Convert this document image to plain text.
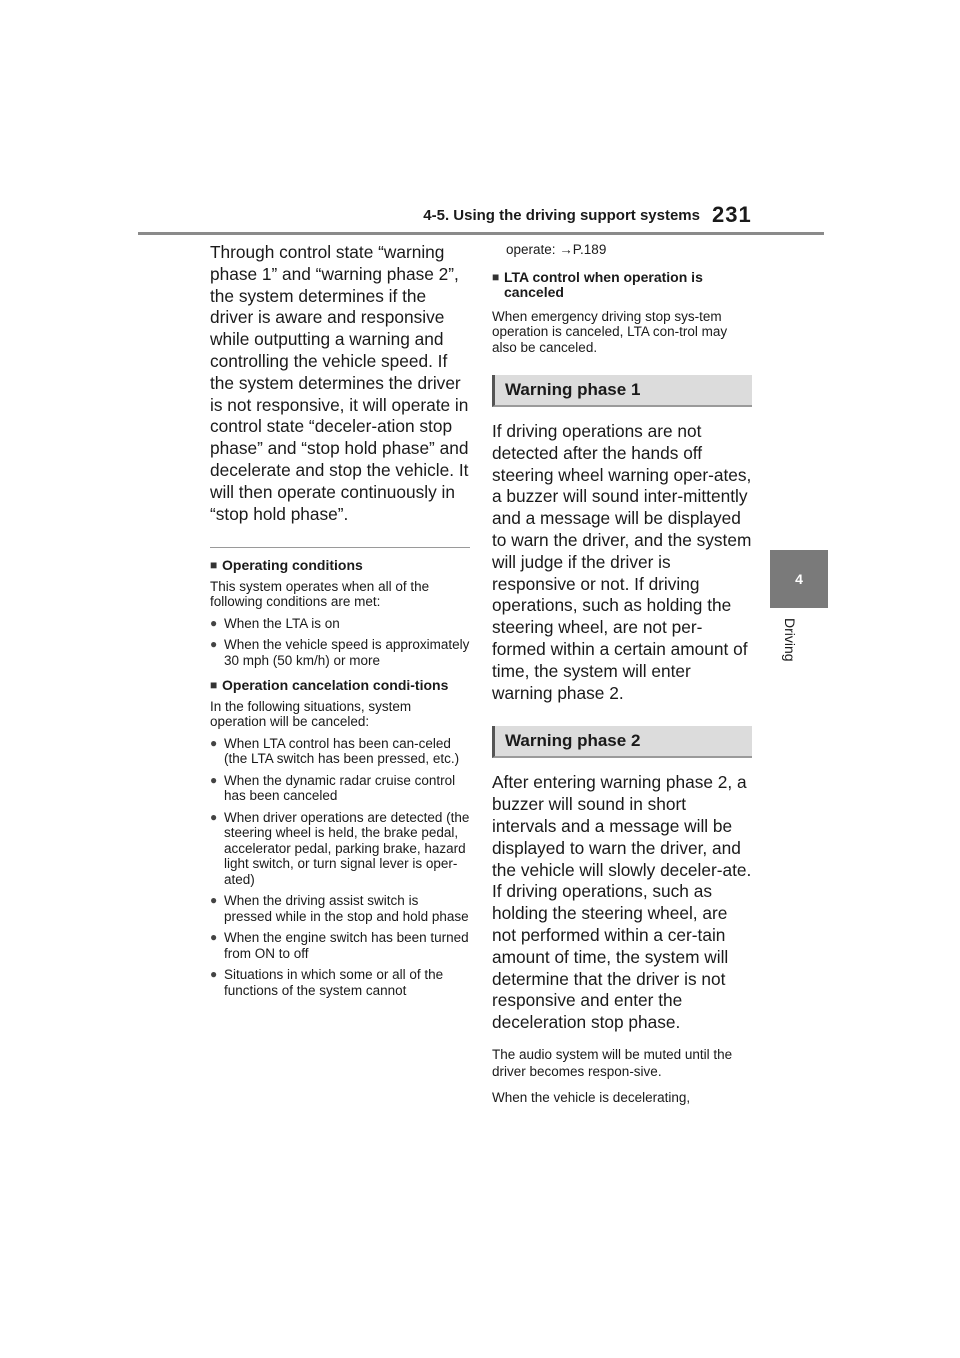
4-5. Using the driving support systems 231
4
Driving

Through control state “warning phase 1” and “warning phase 2”, the system determines if the driver is aware and responsive while outputting a warning and controlling the vehicle speed. If the system determines the driver is not responsive, it will operate in control state “deceler-ation stop phase” and “stop hold phase” and decelerate and stop the vehicle. It will then operate continuously in “stop hold phase”.

■ Operating conditions

This system operates when all of the following conditions are met:

● When the LTA is on
● When the vehicle speed is approximately 30 mph (50 km/h) or more
■ Operation cancelation condi-tions

In the following situations, system operation will be canceled:

● When LTA control has been can-celed (the LTA switch has been pressed, etc.)
● When the dynamic radar cruise control has been canceled
● When driver operations are detected (the steering wheel is held, the brake pedal, accelerator pedal, parking brake, hazard light switch, or turn signal lever is oper-ated)
● When the driving assist switch is pressed while in the stop and hold phase
● When the engine switch has been turned from ON to off
● Situations in which some or all of the functions of the system cannot

operate: →P.189

■ LTA control when operation is canceled

When emergency driving stop sys-tem operation is canceled, LTA con-trol may also be canceled.

Warning phase 1

If driving operations are not detected after the hands off steering wheel warning oper-ates, a buzzer will sound inter-mittently and a message will be displayed to warn the driver, and the system will judge if the driver is responsive or not. If driving operations, such as holding the steering wheel, are not per-formed within a certain amount of time, the system will enter warning phase 2.

Warning phase 2

After entering warning phase 2, a buzzer will sound in short intervals and a message will be displayed to warn the driver, and the vehicle will slowly deceler-ate. If driving operations, such as holding the steering wheel, are not performed within a cer-tain amount of time, the system will determine that the driver is not responsive and enter the deceleration stop phase.

The audio system will be muted until the driver becomes respon-sive.

When the vehicle is decelerating,
